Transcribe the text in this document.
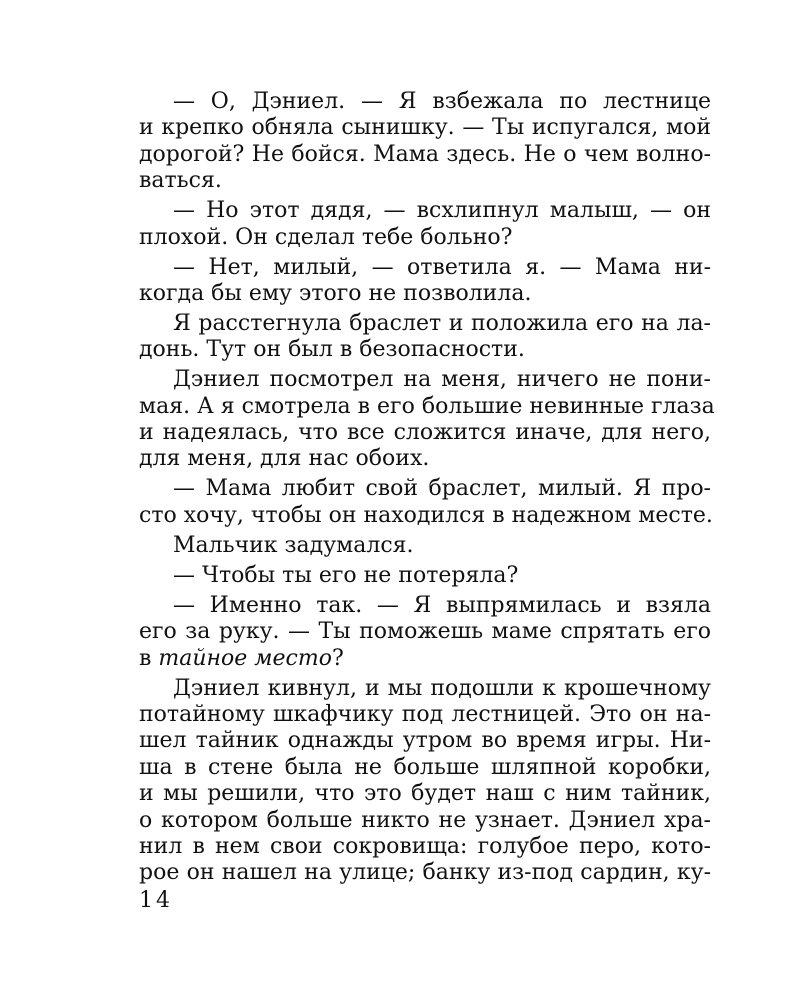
— О, Дэниел. — Я взбежала по лестнице
и крепко обняла сынишку. — Ты испугался, мой
дорогой? Не бойся. Мама здесь. Не о чем волно-
ваться.
— Но этот дядя, — всхлипнул малыш, — он
плохой. Он сделал тебе больно?
— Нет, милый, — ответила я. — Мама ни-
когда бы ему этого не позволила.
Я расстегнула браслет и положила его на ла-
донь. Тут он был в безопасности.
Дэниел посмотрел на меня, ничего не пони-
мая. А я смотрела в его большие невинные глаза
и надеялась, что все сложится иначе, для него,
для меня, для нас обоих.
— Мама любит свой браслет, милый. Я про-
сто хочу, чтобы он находился в надежном месте.
Мальчик задумался.
— Чтобы ты его не потеряла?
— Именно так. — Я выпрямилась и взяла
его за руку. — Ты поможешь маме спрятать его
в тайное место?
Дэниел кивнул, и мы подошли к крошечному
потайному шкафчику под лестницей. Это он на-
шел тайник однажды утром во время игры. Ни-
ша в стене была не больше шляпной коробки,
и мы решили, что это будет наш с ним тайник,
о котором больше никто не узнает. Дэниел хра-
нил в нем свои сокровища: голубое перо, кото-
рое он нашел на улице; банку из-под сардин, ку-
14
